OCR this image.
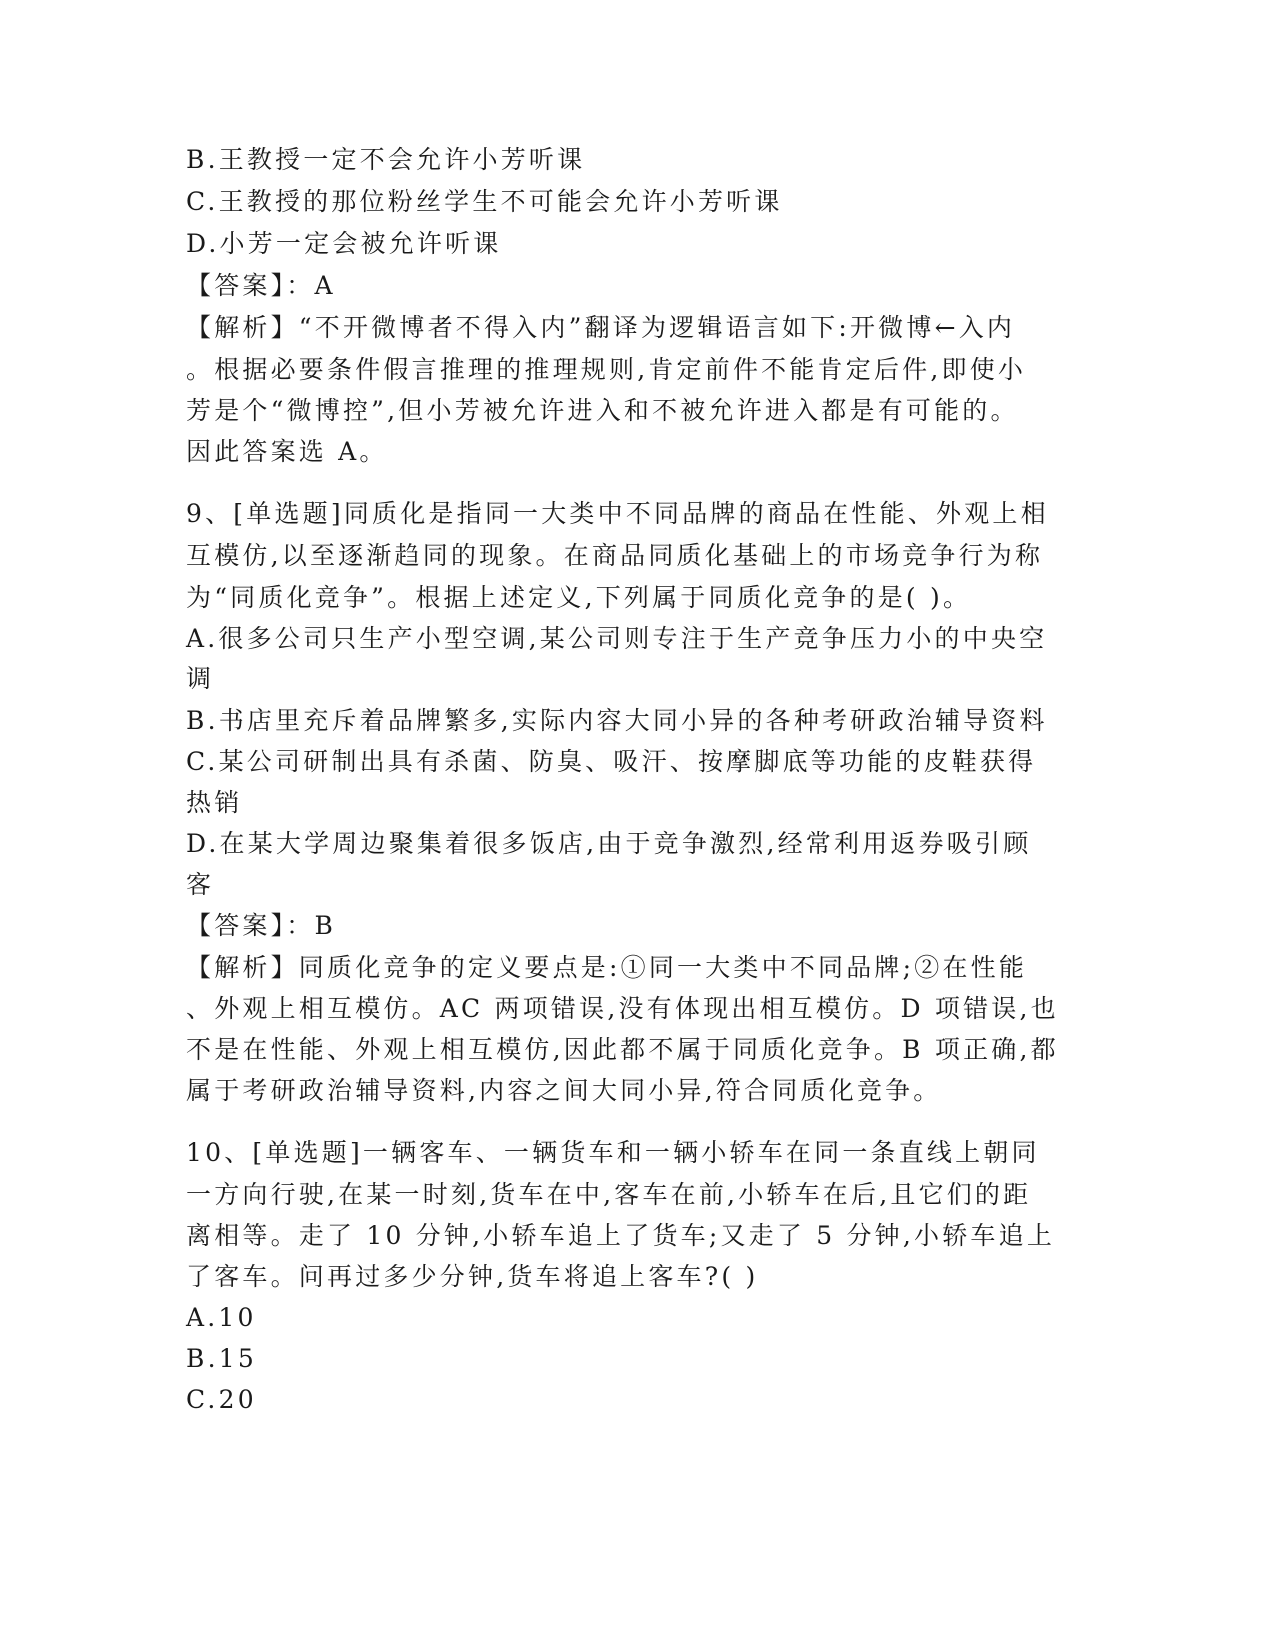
B.王教授一定不会允许小芳听课
C.王教授的那位粉丝学生不可能会允许小芳听课
D.小芳一定会被允许听课
【答案】：A
【解析】“不开微博者不得入内”翻译为逻辑语言如下:开微博←入内
。根据必要条件假言推理的推理规则,肯定前件不能肯定后件,即使小
芳是个“微博控”,但小芳被允许进入和不被允许进入都是有可能的。
因此答案选 A。
9、[单选题]同质化是指同一大类中不同品牌的商品在性能、外观上相
互模仿,以至逐渐趋同的现象。在商品同质化基础上的市场竞争行为称
为“同质化竞争”。根据上述定义,下列属于同质化竞争的是( )。
A.很多公司只生产小型空调,某公司则专注于生产竞争压力小的中央空
调
B.书店里充斥着品牌繁多,实际内容大同小异的各种考研政治辅导资料
C.某公司研制出具有杀菌、防臭、吸汗、按摩脚底等功能的皮鞋获得
热销
D.在某大学周边聚集着很多饭店,由于竞争激烈,经常利用返券吸引顾
客
【答案】：B
【解析】同质化竞争的定义要点是:①同一大类中不同品牌;②在性能
、外观上相互模仿。AC 两项错误,没有体现出相互模仿。D 项错误,也
不是在性能、外观上相互模仿,因此都不属于同质化竞争。B 项正确,都
属于考研政治辅导资料,内容之间大同小异,符合同质化竞争。
10、[单选题]一辆客车、一辆货车和一辆小轿车在同一条直线上朝同
一方向行驶,在某一时刻,货车在中,客车在前,小轿车在后,且它们的距
离相等。走了 10 分钟,小轿车追上了货车;又走了 5 分钟,小轿车追上
了客车。问再过多少分钟,货车将追上客车?( )
A.10
B.15
C.20
